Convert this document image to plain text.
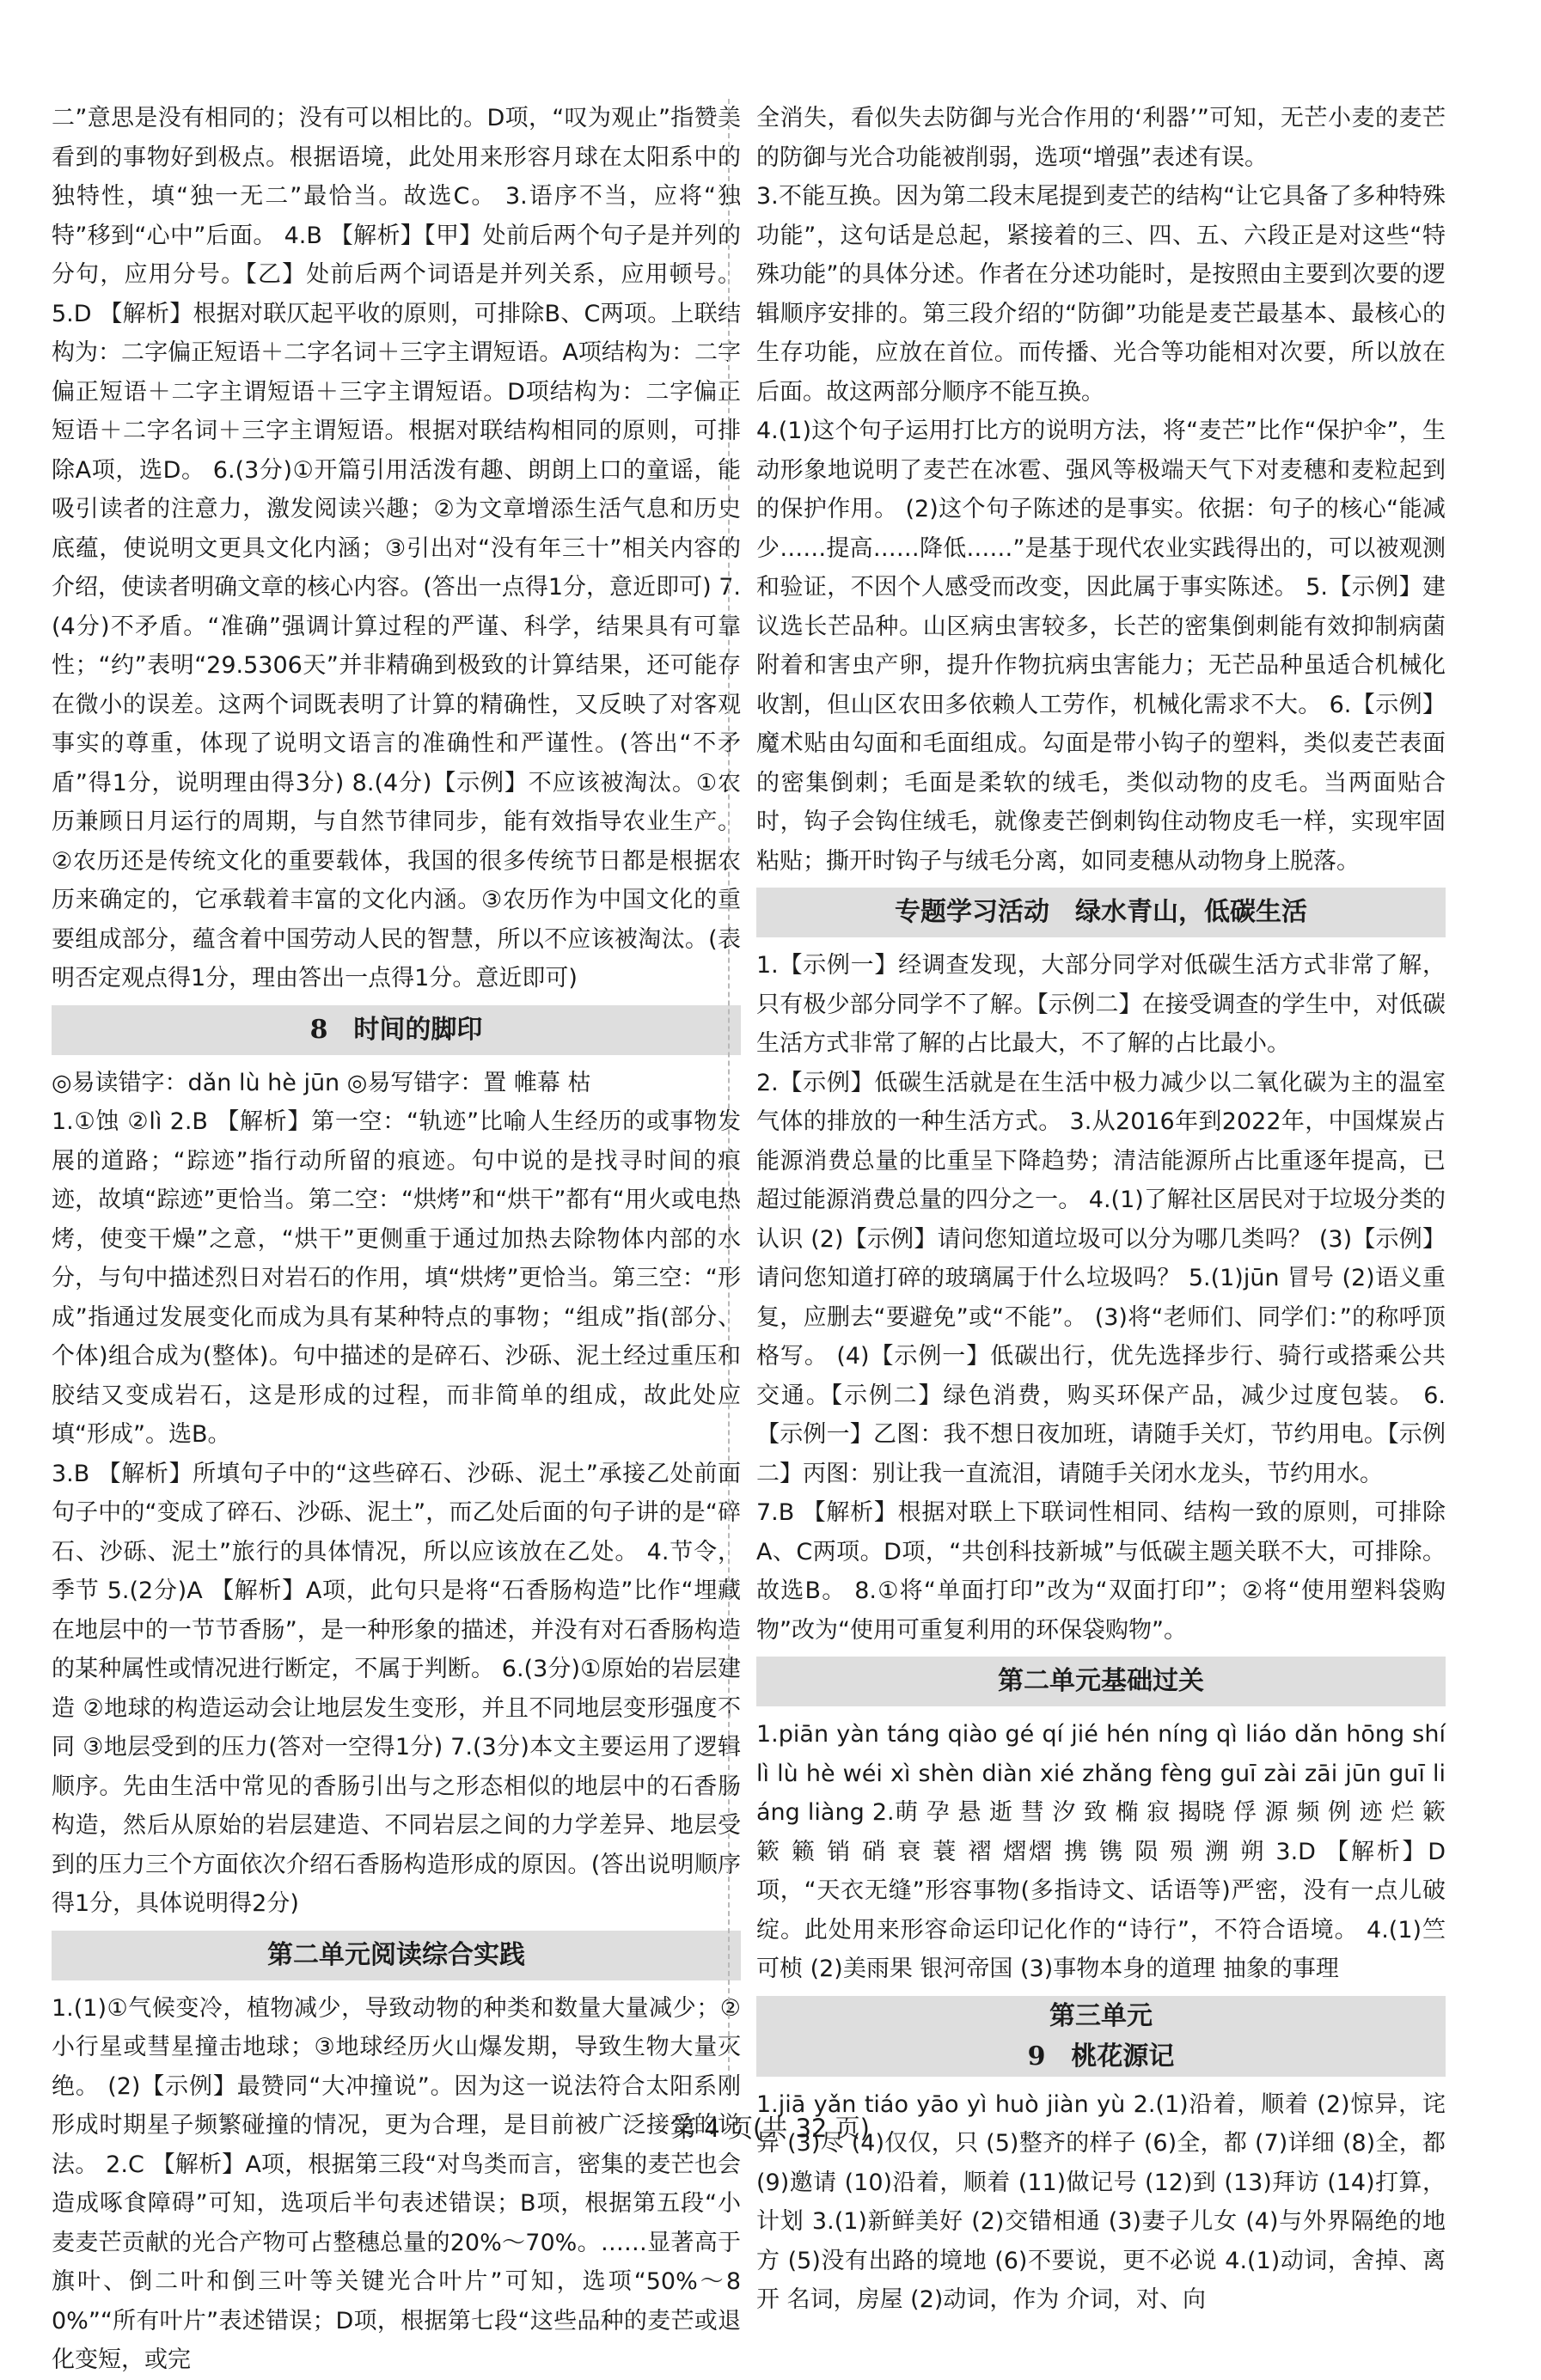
二”意思是没有相同的；没有可以相比的。D项，“叹为观止”指赞美看到的事物好到极点。根据语境，此处用来形容月球在太阳系中的独特性，填“独一无二”最恰当。故选C。 3.语序不当，应将“独特”移到“心中”后面。 4.B 【解析】【甲】处前后两个句子是并列的分句，应用分号。【乙】处前后两个词语是并列关系，应用顿号。 5.D 【解析】根据对联仄起平收的原则，可排除B、C两项。上联结构为：二字偏正短语＋二字名词＋三字主谓短语。A项结构为：二字偏正短语＋二字主谓短语＋三字主谓短语。D项结构为：二字偏正短语＋二字名词＋三字主谓短语。根据对联结构相同的原则，可排除A项，选D。 6.(3分)①开篇引用活泼有趣、朗朗上口的童谣，能吸引读者的注意力，激发阅读兴趣；②为文章增添生活气息和历史底蕴，使说明文更具文化内涵；③引出对“没有年三十”相关内容的介绍，使读者明确文章的核心内容。(答出一点得1分，意近即可) 7.(4分)不矛盾。“准确”强调计算过程的严谨、科学，结果具有可靠性；“约”表明“29.5306天”并非精确到极致的计算结果，还可能存在微小的误差。这两个词既表明了计算的精确性，又反映了对客观事实的尊重，体现了说明文语言的准确性和严谨性。(答出“不矛盾”得1分，说明理由得3分) 8.(4分)【示例】不应该被淘汰。①农历兼顾日月运行的周期，与自然节律同步，能有效指导农业生产。②农历还是传统文化的重要载体，我国的很多传统节日都是根据农历来确定的，它承载着丰富的文化内涵。③农历作为中国文化的重要组成部分，蕴含着中国劳动人民的智慧，所以不应该被淘汰。(表明否定观点得1分，理由答出一点得1分。意近即可)
8　时间的脚印
◎易读错字：dǎn lù hè jūn ◎易写错字：置 帷幕 枯
1.①蚀 ②lì 2.B 【解析】第一空：“轨迹”比喻人生经历的或事物发展的道路；“踪迹”指行动所留的痕迹。句中说的是找寻时间的痕迹，故填“踪迹”更恰当。第二空：“烘烤”和“烘干”都有“用火或电热烤，使变干燥”之意，“烘干”更侧重于通过加热去除物体内部的水分，与句中描述烈日对岩石的作用，填“烘烤”更恰当。第三空：“形成”指通过发展变化而成为具有某种特点的事物；“组成”指(部分、个体)组合成为(整体)。句中描述的是碎石、沙砾、泥土经过重压和胶结又变成岩石，这是形成的过程，而非简单的组成，故此处应填“形成”。选B。
3.B 【解析】所填句子中的“这些碎石、沙砾、泥土”承接乙处前面句子中的“变成了碎石、沙砾、泥土”，而乙处后面的句子讲的是“碎石、沙砾、泥土”旅行的具体情况，所以应该放在乙处。 4.节令，季节 5.(2分)A 【解析】A项，此句只是将“石香肠构造”比作“埋藏在地层中的一节节香肠”，是一种形象的描述，并没有对石香肠构造的某种属性或情况进行断定，不属于判断。 6.(3分)①原始的岩层建造 ②地球的构造运动会让地层发生变形，并且不同地层变形强度不同 ③地层受到的压力(答对一空得1分) 7.(3分)本文主要运用了逻辑顺序。先由生活中常见的香肠引出与之形态相似的地层中的石香肠构造，然后从原始的岩层建造、不同岩层之间的力学差异、地层受到的压力三个方面依次介绍石香肠构造形成的原因。(答出说明顺序得1分，具体说明得2分)
第二单元阅读综合实践
1.(1)①气候变冷，植物减少，导致动物的种类和数量大量减少；②小行星或彗星撞击地球；③地球经历火山爆发期，导致生物大量灭绝。 (2)【示例】最赞同“大冲撞说”。因为这一说法符合太阳系刚形成时期星子频繁碰撞的情况，更为合理，是目前被广泛接受的说法。 2.C 【解析】A项，根据第三段“对鸟类而言，密集的麦芒也会造成啄食障碍”可知，选项后半句表述错误；B项，根据第五段“小麦麦芒贡献的光合产物可占整穗总量的20%～70%。……显著高于旗叶、倒二叶和倒三叶等关键光合叶片”可知，选项“50%～80%”“所有叶片”表述错误；D项，根据第七段“这些品种的麦芒或退化变短，或完
全消失，看似失去防御与光合作用的‘利器’”可知，无芒小麦的麦芒的防御与光合功能被削弱，选项“增强”表述有误。
3.不能互换。因为第二段末尾提到麦芒的结构“让它具备了多种特殊功能”，这句话是总起，紧接着的三、四、五、六段正是对这些“特殊功能”的具体分述。作者在分述功能时，是按照由主要到次要的逻辑顺序安排的。第三段介绍的“防御”功能是麦芒最基本、最核心的生存功能，应放在首位。而传播、光合等功能相对次要，所以放在后面。故这两部分顺序不能互换。
4.(1)这个句子运用打比方的说明方法，将“麦芒”比作“保护伞”，生动形象地说明了麦芒在冰雹、强风等极端天气下对麦穗和麦粒起到的保护作用。 (2)这个句子陈述的是事实。依据：句子的核心“能减少……提高……降低……”是基于现代农业实践得出的，可以被观测和验证，不因个人感受而改变，因此属于事实陈述。 5.【示例】建议选长芒品种。山区病虫害较多，长芒的密集倒刺能有效抑制病菌附着和害虫产卵，提升作物抗病虫害能力；无芒品种虽适合机械化收割，但山区农田多依赖人工劳作，机械化需求不大。 6.【示例】魔术贴由勾面和毛面组成。勾面是带小钩子的塑料，类似麦芒表面的密集倒刺；毛面是柔软的绒毛，类似动物的皮毛。当两面贴合时，钩子会钩住绒毛，就像麦芒倒刺钩住动物皮毛一样，实现牢固粘贴；撕开时钩子与绒毛分离，如同麦穗从动物身上脱落。
专题学习活动　绿水青山，低碳生活
1.【示例一】经调查发现，大部分同学对低碳生活方式非常了解，只有极少部分同学不了解。【示例二】在接受调查的学生中，对低碳生活方式非常了解的占比最大，不了解的占比最小。
2.【示例】低碳生活就是在生活中极力减少以二氧化碳为主的温室气体的排放的一种生活方式。 3.从2016年到2022年，中国煤炭占能源消费总量的比重呈下降趋势；清洁能源所占比重逐年提高，已超过能源消费总量的四分之一。 4.(1)了解社区居民对于垃圾分类的认识 (2)【示例】请问您知道垃圾可以分为哪几类吗？ (3)【示例】请问您知道打碎的玻璃属于什么垃圾吗？ 5.(1)jūn 冒号 (2)语义重复，应删去“要避免”或“不能”。 (3)将“老师们、同学们：”的称呼顶格写。 (4)【示例一】低碳出行，优先选择步行、骑行或搭乘公共交通。【示例二】绿色消费，购买环保产品，减少过度包装。 6.【示例一】乙图：我不想日夜加班，请随手关灯，节约用电。【示例二】丙图：别让我一直流泪，请随手关闭水龙头，节约用水。
7.B 【解析】根据对联上下联词性相同、结构一致的原则，可排除A、C两项。D项，“共创科技新城”与低碳主题关联不大，可排除。故选B。 8.①将“单面打印”改为“双面打印”；②将“使用塑料袋购物”改为“使用可重复利用的环保袋购物”。
第二单元基础过关
1.piān yàn táng qiào gé qí jié hén níng qì liáo dǎn hōng shí lì lù hè wéi xì shèn diàn xié zhǎng fèng guī zài zāi jūn guī liáng liàng 2.萌 孕 悬 逝 彗 汐 致 椭 寂 揭晓 俘 源 频 例 迹 烂 簌簌 籁 销 硝 衰 蓑 褶 熠熠 携 镌 陨 殒 溯 朔 3.D 【解析】D项，“天衣无缝”形容事物(多指诗文、话语等)严密，没有一点儿破绽。此处用来形容命运印记化作的“诗行”，不符合语境。 4.(1)竺可桢 (2)美雨果 银河帝国 (3)事物本身的道理 抽象的事理
第三单元
9　桃花源记
1.jiā yǎn tiáo yāo yì huò jiàn yù 2.(1)沿着，顺着 (2)惊异，诧异 (3)尽 (4)仅仅，只 (5)整齐的样子 (6)全，都 (7)详细 (8)全，都 (9)邀请 (10)沿着，顺着 (11)做记号 (12)到 (13)拜访 (14)打算，计划 3.(1)新鲜美好 (2)交错相通 (3)妻子儿女 (4)与外界隔绝的地方 (5)没有出路的境地 (6)不要说，更不必说 4.(1)动词，舍掉、离开 名词，房屋 (2)动词，作为 介词，对、向
第 4 页(共 32 页)
